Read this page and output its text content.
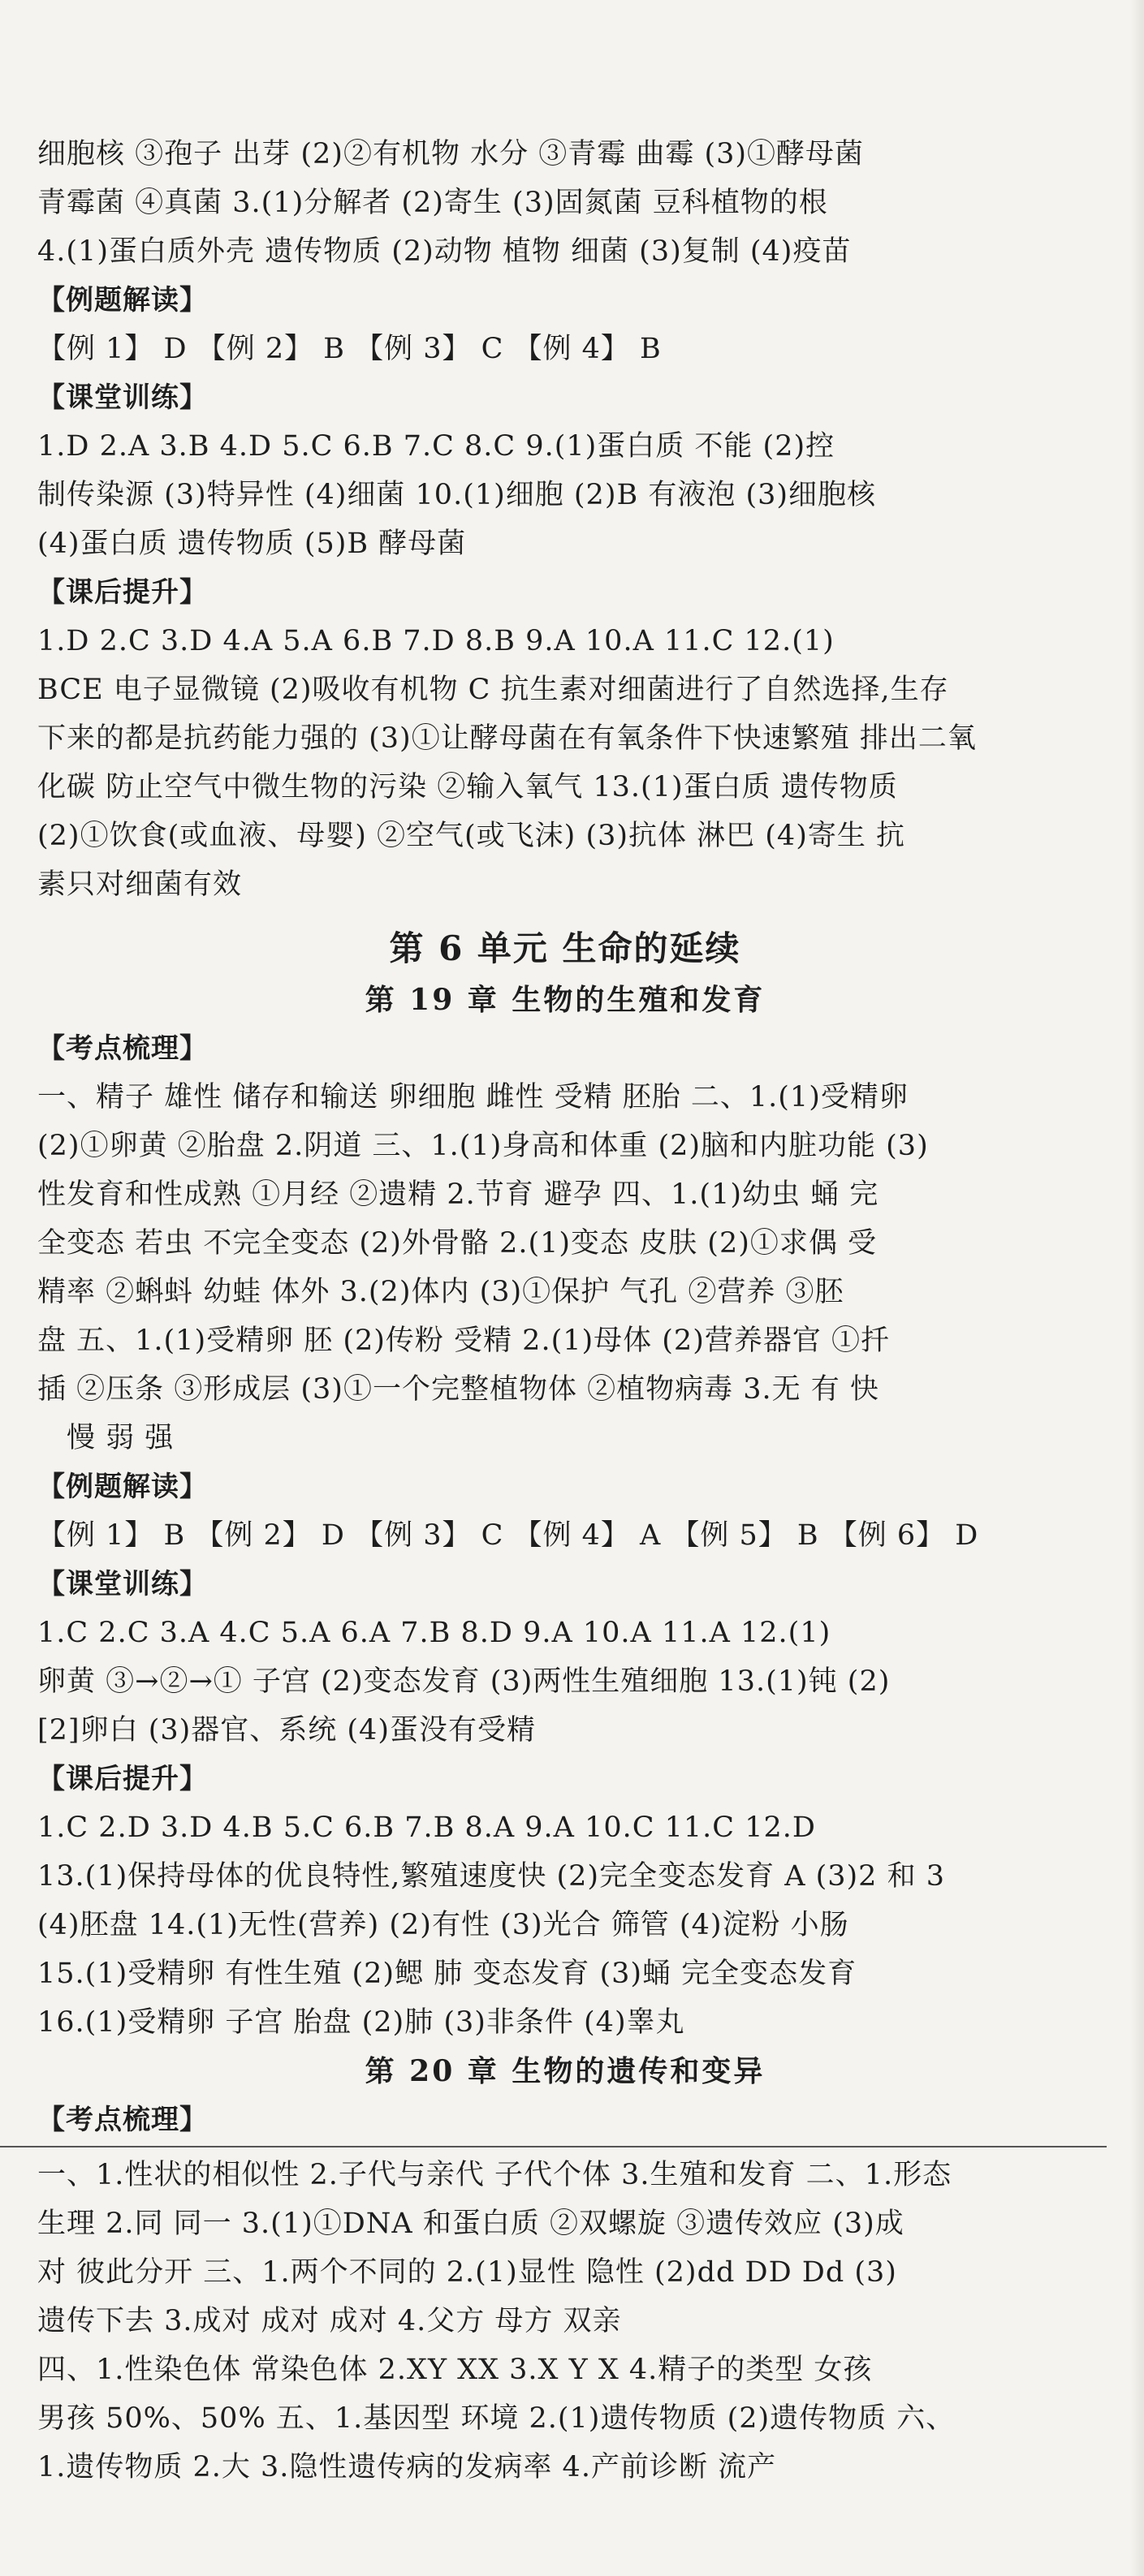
细胞核 ③孢子 出芽 (2)②有机物 水分 ③青霉 曲霉 (3)①酵母菌
青霉菌 ④真菌 3.(1)分解者 (2)寄生 (3)固氮菌 豆科植物的根
4.(1)蛋白质外壳 遗传物质 (2)动物 植物 细菌 (3)复制 (4)疫苗
【例题解读】
【例 1】 D 【例 2】 B 【例 3】 C 【例 4】 B
【课堂训练】
1.D 2.A 3.B 4.D 5.C 6.B 7.C 8.C 9.(1)蛋白质 不能 (2)控
制传染源 (3)特异性 (4)细菌 10.(1)细胞 (2)B 有液泡 (3)细胞核
(4)蛋白质 遗传物质 (5)B 酵母菌
【课后提升】
1.D 2.C 3.D 4.A 5.A 6.B 7.D 8.B 9.A 10.A 11.C 12.(1)
BCE 电子显微镜 (2)吸收有机物 C 抗生素对细菌进行了自然选择,生存
下来的都是抗药能力强的 (3)①让酵母菌在有氧条件下快速繁殖 排出二氧
化碳 防止空气中微生物的污染 ②输入氧气 13.(1)蛋白质 遗传物质
(2)①饮食(或血液、母婴) ②空气(或飞沫) (3)抗体 淋巴 (4)寄生 抗
素只对细菌有效
第 6 单元 生命的延续
第 19 章 生物的生殖和发育
【考点梳理】
一、精子 雄性 储存和输送 卵细胞 雌性 受精 胚胎 二、1.(1)受精卵
(2)①卵黄 ②胎盘 2.阴道 三、1.(1)身高和体重 (2)脑和内脏功能 (3)
性发育和性成熟 ①月经 ②遗精 2.节育 避孕 四、1.(1)幼虫 蛹 完
全变态 若虫 不完全变态 (2)外骨骼 2.(1)变态 皮肤 (2)①求偶 受
精率 ②蝌蚪 幼蛙 体外 3.(2)体内 (3)①保护 气孔 ②营养 ③胚
盘 五、1.(1)受精卵 胚 (2)传粉 受精 2.(1)母体 (2)营养器官 ①扦
插 ②压条 ③形成层 (3)①一个完整植物体 ②植物病毒 3.无 有 快
慢 弱 强
【例题解读】
【例 1】 B 【例 2】 D 【例 3】 C 【例 4】 A 【例 5】 B 【例 6】 D
【课堂训练】
1.C 2.C 3.A 4.C 5.A 6.A 7.B 8.D 9.A 10.A 11.A 12.(1)
卵黄 ③→②→① 子宫 (2)变态发育 (3)两性生殖细胞 13.(1)钝 (2)
[2]卵白 (3)器官、系统 (4)蛋没有受精
【课后提升】
1.C 2.D 3.D 4.B 5.C 6.B 7.B 8.A 9.A 10.C 11.C 12.D
13.(1)保持母体的优良特性,繁殖速度快 (2)完全变态发育 A (3)2 和 3
(4)胚盘 14.(1)无性(营养) (2)有性 (3)光合 筛管 (4)淀粉 小肠
15.(1)受精卵 有性生殖 (2)鳃 肺 变态发育 (3)蛹 完全变态发育
16.(1)受精卵 子宫 胎盘 (2)肺 (3)非条件 (4)睾丸
第 20 章 生物的遗传和变异
【考点梳理】
一、1.性状的相似性 2.子代与亲代 子代个体 3.生殖和发育 二、1.形态
生理 2.同 同一 3.(1)①DNA 和蛋白质 ②双螺旋 ③遗传效应 (3)成
对 彼此分开 三、1.两个不同的 2.(1)显性 隐性 (2)dd DD Dd (3)
遗传下去 3.成对 成对 成对 4.父方 母方 双亲
四、1.性染色体 常染色体 2.XY XX 3.X Y X 4.精子的类型 女孩
男孩 50%、50% 五、1.基因型 环境 2.(1)遗传物质 (2)遗传物质 六、
1.遗传物质 2.大 3.隐性遗传病的发病率 4.产前诊断 流产
